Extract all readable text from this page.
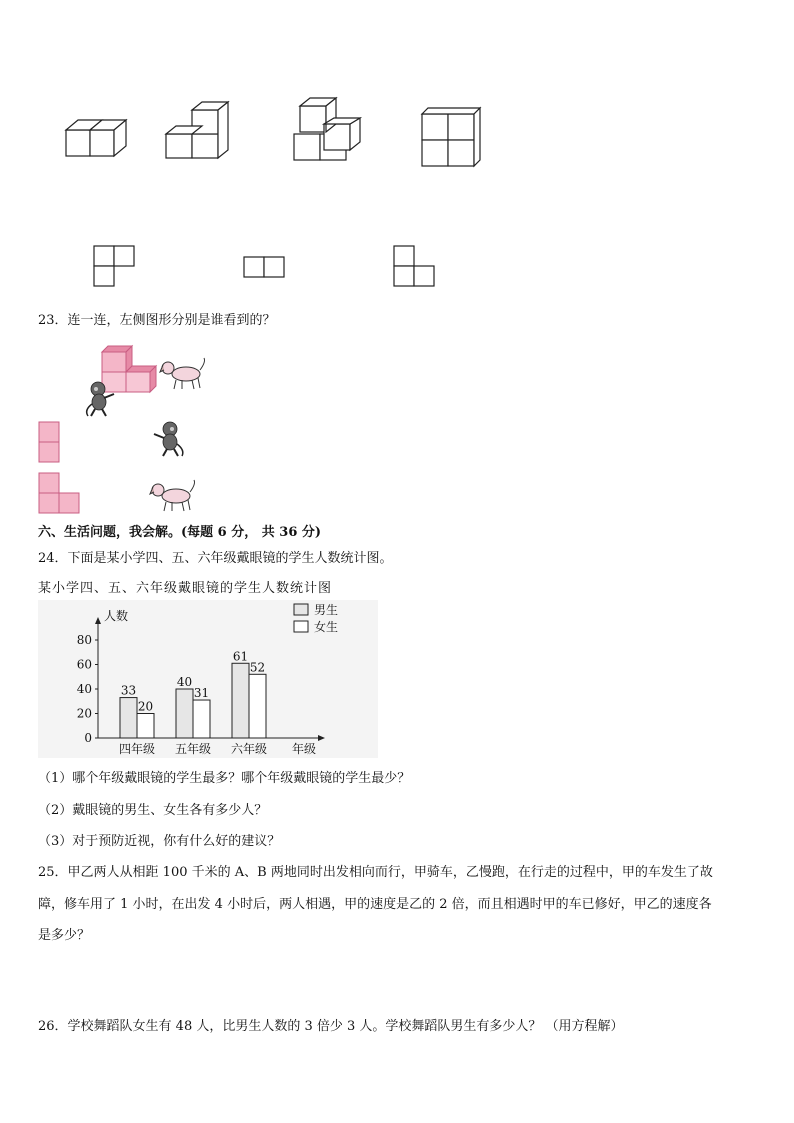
23．连一连，左侧图形分别是谁看到的？
六、生活问题，我会解。(每题 6 分， 共 36 分)
24．下面是某小学四、五、六年级戴眼镜的学生人数统计图。
某小学四、五、六年级戴眼镜的学生人数统计图
人数
0
20
40
60
80
33
20
四年级
40
31
五年级
61
52
六年级 年级
男生
女生
（1）哪个年级戴眼镜的学生最多？哪个年级戴眼镜的学生最少？
（2）戴眼镜的男生、女生各有多少人？
（3）对于预防近视，你有什么好的建议？
25．甲乙两人从相距 100 千米的 A、B 两地同时出发相向而行，甲骑车，乙慢跑，在行走的过程中，甲的车发生了故
障，修车用了 1 小时，在出发 4 小时后，两人相遇，甲的速度是乙的 2 倍，而且相遇时甲的车已修好，甲乙的速度各
是多少？
26．学校舞蹈队女生有 48 人，比男生人数的 3 倍少 3 人。学校舞蹈队男生有多少人？ （用方程解）
